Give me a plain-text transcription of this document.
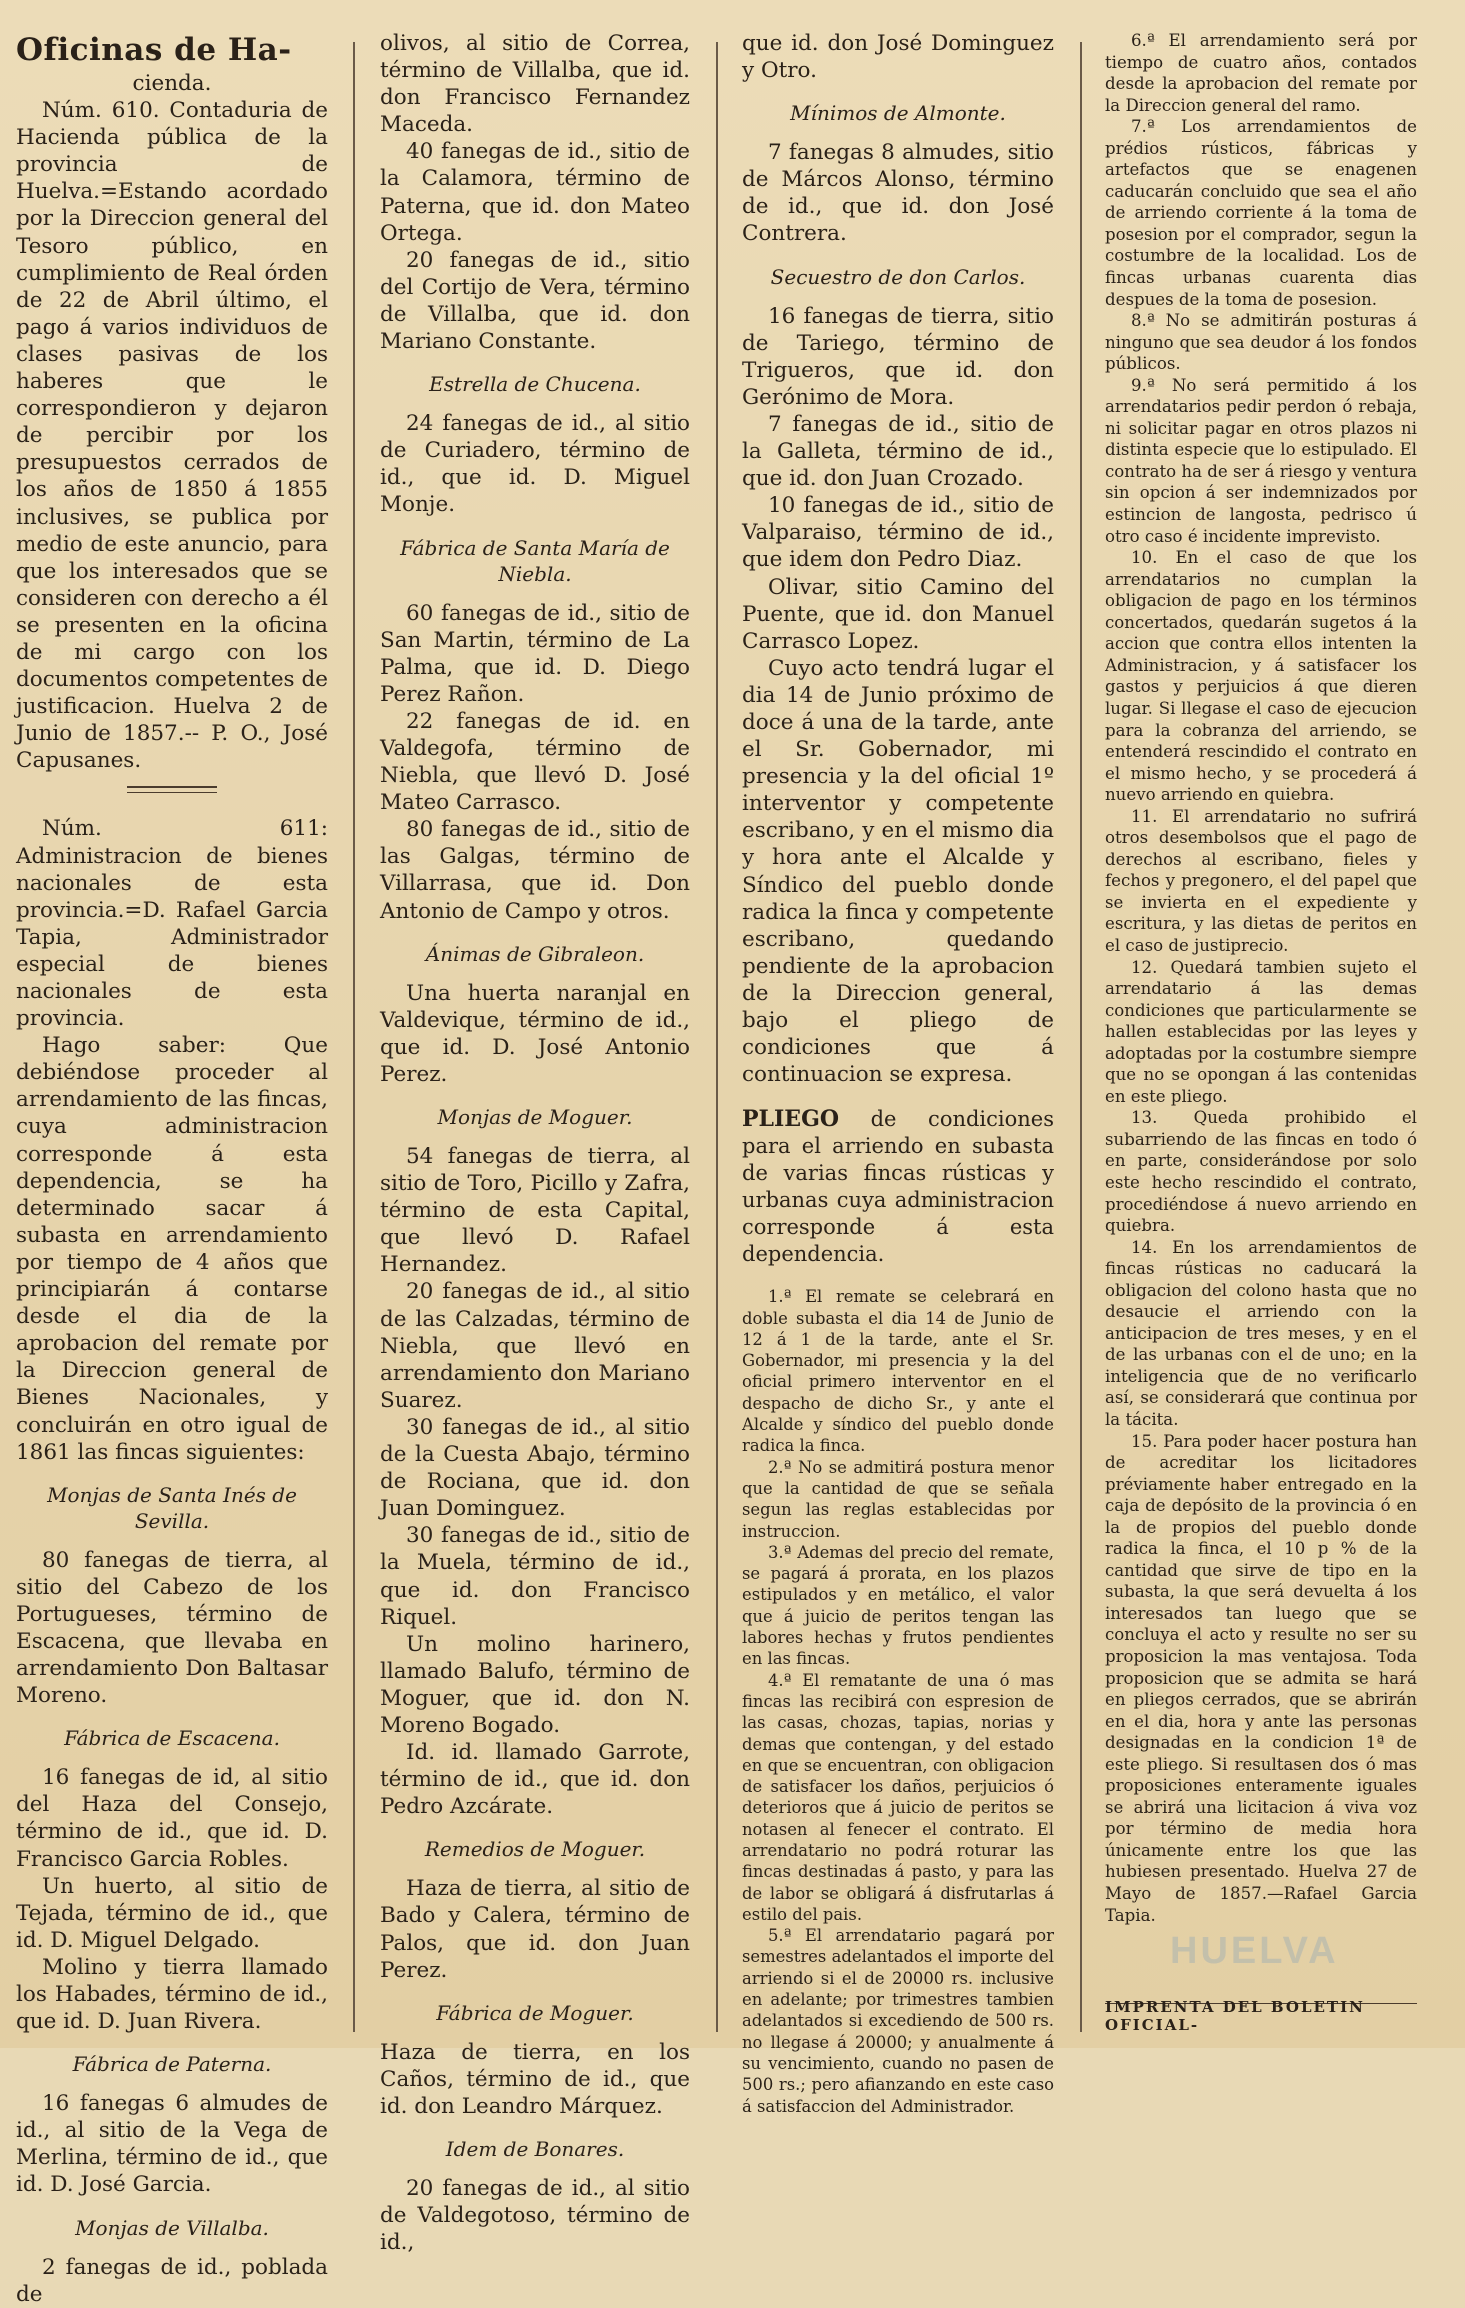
Oficinas de Ha-

cienda.

Núm. 610. Contaduria de Hacienda pública de la provincia de Huelva.=Estando acordado por la Direccion general del Tesoro público, en cumplimiento de Real órden de 22 de Abril último, el pago á varios individuos de clases pasivas de los haberes que le correspondieron y dejaron de percibir por los presupuestos cerrados de los años de 1850 á 1855 inclusives, se publica por medio de este anuncio, para que los interesados que se consideren con derecho a él se presenten en la oficina de mi cargo con los documentos competentes de justificacion. Huelva 2 de Junio de 1857.-- P. O., José Capusanes.

Núm. 611: Administracion de bienes nacionales de esta provincia.=D. Rafael Garcia Tapia, Administrador especial de bienes nacionales de esta provincia.

Hago saber: Que debiéndose proceder al arrendamiento de las fincas, cuya administracion corresponde á esta dependencia, se ha determinado sacar á subasta en arrendamiento por tiempo de 4 años que principiarán á contarse desde el dia de la aprobacion del remate por la Direccion general de Bienes Nacionales, y concluirán en otro igual de 1861 las fincas siguientes:

Monjas de Santa Inés de Sevilla.

80 fanegas de tierra, al sitio del Cabezo de los Portugueses, término de Escacena, que llevaba en arrendamiento Don Baltasar Moreno.

Fábrica de Escacena.

16 fanegas de id, al sitio del Haza del Consejo, término de id., que id. D. Francisco Garcia Robles.

Un huerto, al sitio de Tejada, término de id., que id. D. Miguel Delgado.

Molino y tierra llamado los Habades, término de id., que id. D. Juan Rivera.

Fábrica de Paterna.

16 fanegas 6 almudes de id., al sitio de la Vega de Merlina, término de id., que id. D. José Garcia.

Monjas de Villalba.

2 fanegas de id., poblada de

olivos, al sitio de Correa, término de Villalba, que id. don Francisco Fernandez Maceda.

40 fanegas de id., sitio de la Calamora, término de Paterna, que id. don Mateo Ortega.

20 fanegas de id., sitio del Cortijo de Vera, término de Villalba, que id. don Mariano Constante.

Estrella de Chucena.

24 fanegas de id., al sitio de Curiadero, término de id., que id. D. Miguel Monje.

Fábrica de Santa María de Niebla.

60 fanegas de id., sitio de San Martin, término de La Palma, que id. D. Diego Perez Rañon.

22 fanegas de id. en Valdegofa, término de Niebla, que llevó D. José Mateo Carrasco.

80 fanegas de id., sitio de las Galgas, término de Villarrasa, que id. Don Antonio de Campo y otros.

Ánimas de Gibraleon.

Una huerta naranjal en Valdevique, término de id., que id. D. José Antonio Perez.

Monjas de Moguer.

54 fanegas de tierra, al sitio de Toro, Picillo y Zafra, término de esta Capital, que llevó D. Rafael Hernandez.

20 fanegas de id., al sitio de las Calzadas, término de Niebla, que llevó en arrendamiento don Mariano Suarez.

30 fanegas de id., al sitio de la Cuesta Abajo, término de Rociana, que id. don Juan Dominguez.

30 fanegas de id., sitio de la Muela, término de id., que id. don Francisco Riquel.

Un molino harinero, llamado Balufo, término de Moguer, que id. don N. Moreno Bogado.

Id. id. llamado Garrote, término de id., que id. don Pedro Azcárate.

Remedios de Moguer.

Haza de tierra, al sitio de Bado y Calera, término de Palos, que id. don Juan Perez.

Fábrica de Moguer.

Haza de tierra, en los Caños, término de id., que id. don Leandro Márquez.

Idem de Bonares.

20 fanegas de id., al sitio de Valdegotoso, término de id.,

que id. don José Dominguez y Otro.

Mínimos de Almonte.

7 fanegas 8 almudes, sitio de Márcos Alonso, término de id., que id. don José Contrera.

Secuestro de don Carlos.

16 fanegas de tierra, sitio de Tariego, término de Trigueros, que id. don Gerónimo de Mora.

7 fanegas de id., sitio de la Galleta, término de id., que id. don Juan Crozado.

10 fanegas de id., sitio de Valparaiso, término de id., que idem don Pedro Diaz.

Olivar, sitio Camino del Puente, que id. don Manuel Carrasco Lopez.

Cuyo acto tendrá lugar el dia 14 de Junio próximo de doce á una de la tarde, ante el Sr. Gobernador, mi presencia y la del oficial 1º interventor y competente escribano, y en el mismo dia y hora ante el Alcalde y Síndico del pueblo donde radica la finca y competente escribano, quedando pendiente de la aprobacion de la Direccion general, bajo el pliego de condiciones que á continuacion se expresa.

PLIEGO de condiciones para el arriendo en subasta de varias fincas rústicas y urbanas cuya administracion corresponde á esta dependencia.

1.ª El remate se celebrará en doble subasta el dia 14 de Junio de 12 á 1 de la tarde, ante el Sr. Gobernador, mi presencia y la del oficial primero interventor en el despacho de dicho Sr., y ante el Alcalde y síndico del pueblo donde radica la finca.

2.ª No se admitirá postura menor que la cantidad de que se señala segun las reglas establecidas por instruccion.

3.ª Ademas del precio del remate, se pagará á prorata, en los plazos estipulados y en metálico, el valor que á juicio de peritos tengan las labores hechas y frutos pendientes en las fincas.

4.ª El rematante de una ó mas fincas las recibirá con espresion de las casas, chozas, tapias, norias y demas que contengan, y del estado en que se encuentran, con obligacion de satisfacer los daños, perjuicios ó deterioros que á juicio de peritos se notasen al fenecer el contrato. El arrendatario no podrá roturar las fincas destinadas á pasto, y para las de labor se obligará á disfrutarlas á estilo del pais.

5.ª El arrendatario pagará por semestres adelantados el importe del arriendo si el de 20000 rs. inclusive en adelante; por trimestres tambien adelantados si excediendo de 500 rs. no llegase á 20000; y anualmente á su vencimiento, cuando no pasen de 500 rs.; pero afianzando en este caso á satisfaccion del Administrador.

6.ª El arrendamiento será por tiempo de cuatro años, contados desde la aprobacion del remate por la Direccion general del ramo.

7.ª Los arrendamientos de prédios rústicos, fábricas y artefactos que se enagenen caducarán concluido que sea el año de arriendo corriente á la toma de posesion por el comprador, segun la costumbre de la localidad. Los de fincas urbanas cuarenta dias despues de la toma de posesion.

8.ª No se admitirán posturas á ninguno que sea deudor á los fondos públicos.

9.ª No será permitido á los arrendatarios pedir perdon ó rebaja, ni solicitar pagar en otros plazos ni distinta especie que lo estipulado. El contrato ha de ser á riesgo y ventura sin opcion á ser indemnizados por estincion de langosta, pedrisco ú otro caso é incidente imprevisto.

10. En el caso de que los arrendatarios no cumplan la obligacion de pago en los términos concertados, quedarán sugetos á la accion que contra ellos intenten la Administracion, y á satisfacer los gastos y perjuicios á que dieren lugar. Si llegase el caso de ejecucion para la cobranza del arriendo, se entenderá rescindido el contrato en el mismo hecho, y se procederá á nuevo arriendo en quiebra.

11. El arrendatario no sufrirá otros desembolsos que el pago de derechos al escribano, fieles y fechos y pregonero, el del papel que se invierta en el expediente y escritura, y las dietas de peritos en el caso de justiprecio.

12. Quedará tambien sujeto el arrendatario á las demas condiciones que particularmente se hallen establecidas por las leyes y adoptadas por la costumbre siempre que no se opongan á las contenidas en este pliego.

13. Queda prohibido el subarriendo de las fincas en todo ó en parte, considerándose por solo este hecho rescindido el contrato, procediéndose á nuevo arriendo en quiebra.

14. En los arrendamientos de fincas rústicas no caducará la obligacion del colono hasta que no desaucie el arriendo con la anticipacion de tres meses, y en el de las urbanas con el de uno; en la inteligencia que de no verificarlo así, se considerará que continua por la tácita.

15. Para poder hacer postura han de acreditar los licitadores préviamente haber entregado en la caja de depósito de la provincia ó en la de propios del pueblo donde radica la finca, el 10 p % de la cantidad que sirve de tipo en la subasta, la que será devuelta á los interesados tan luego que se concluya el acto y resulte no ser su proposicion la mas ventajosa. Toda proposicion que se admita se hará en pliegos cerrados, que se abrirán en el dia, hora y ante las personas designadas en la condicion 1ª de este pliego. Si resultasen dos ó mas proposiciones enteramente iguales se abrirá una licitacion á viva voz por término de media hora únicamente entre los que las hubiesen presentado. Huelva 27 de Mayo de 1857.—Rafael Garcia Tapia.

HUELVA
IMPRENTA DEL BOLETIN OFICIAL-
